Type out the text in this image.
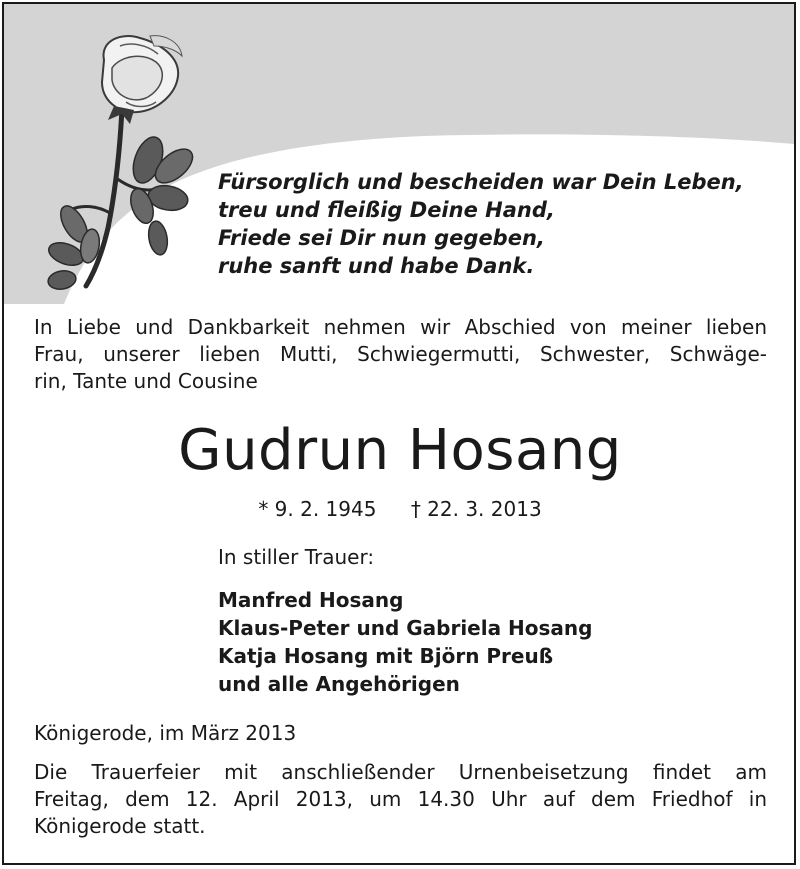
Fürsorglich und bescheiden war Dein Leben,
treu und fleißig Deine Hand,
Friede sei Dir nun gegeben,
ruhe sanft und habe Dank.
In Liebe und Dankbarkeit nehmen wir Abschied von meiner lieben
Frau, unserer lieben Mutti, Schwiegermutti, Schwester, Schwäge-
rin, Tante und Cousine
Gudrun Hosang
* 9. 2. 1945 † 22. 3. 2013
In stiller Trauer:
Manfred Hosang
Klaus-Peter und Gabriela Hosang
Katja Hosang mit Björn Preuß
und alle Angehörigen
Königerode, im März 2013
Die Trauerfeier mit anschließender Urnenbeisetzung findet am
Freitag, dem 12. April 2013, um 14.30 Uhr auf dem Friedhof in
Königerode statt.
